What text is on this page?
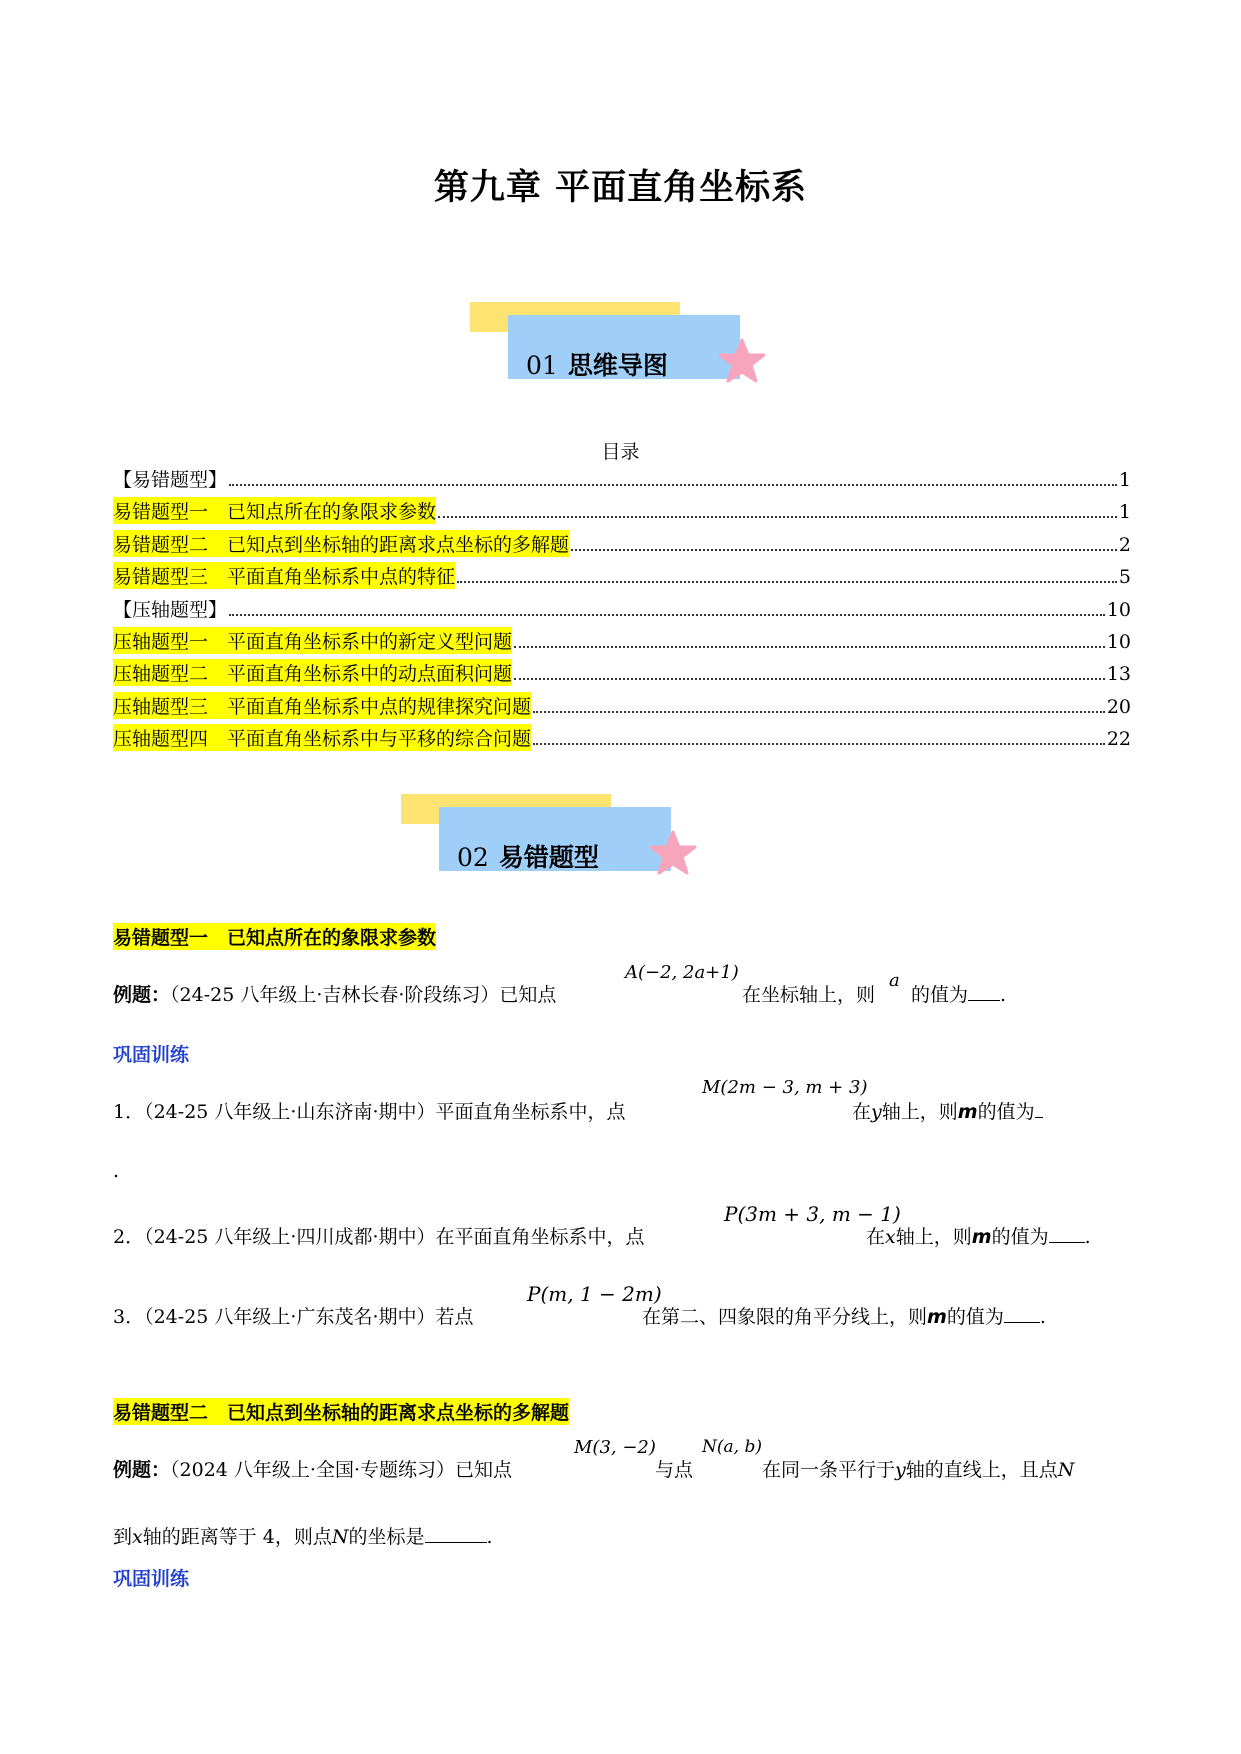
第九章 平面直角坐标系
01 思维导图
目录
【易错题型】	1
易错题型一　已知点所在的象限求参数	1
易错题型二　已知点到坐标轴的距离求点坐标的多解题	2
易错题型三　平面直角坐标系中点的特征	5
【压轴题型】	10
压轴题型一　平面直角坐标系中的新定义型问题	10
压轴题型二　平面直角坐标系中的动点面积问题	13
压轴题型三　平面直角坐标系中点的规律探究问题	20
压轴题型四　平面直角坐标系中与平移的综合问题	22
02 易错题型
易错题型一　已知点所在的象限求参数
例题：（24-25 八年级上·吉林长春·阶段练习）已知点
A(−2, 2a+1)
在坐标轴上，则
a
的值为 .
巩固训练
1．（24-25 八年级上·山东济南·期中）平面直角坐标系中，点
M(2m − 3, m + 3)
在y轴上，则m的值为
.
2．（24-25 八年级上·四川成都·期中）在平面直角坐标系中，点
P(3m + 3, m − 1)
在x轴上，则m的值为 .
3．（24-25 八年级上·广东茂名·期中）若点
P(m, 1 − 2m)
在第二、四象限的角平分线上，则m的值为 .
易错题型二　已知点到坐标轴的距离求点坐标的多解题
例题：（2024 八年级上·全国·专题练习）已知点
M(3, −2)
与点
N(a, b)
在同一条平行于y轴的直线上，且点N
到x轴的距离等于 4，则点N的坐标是	.
巩固训练
